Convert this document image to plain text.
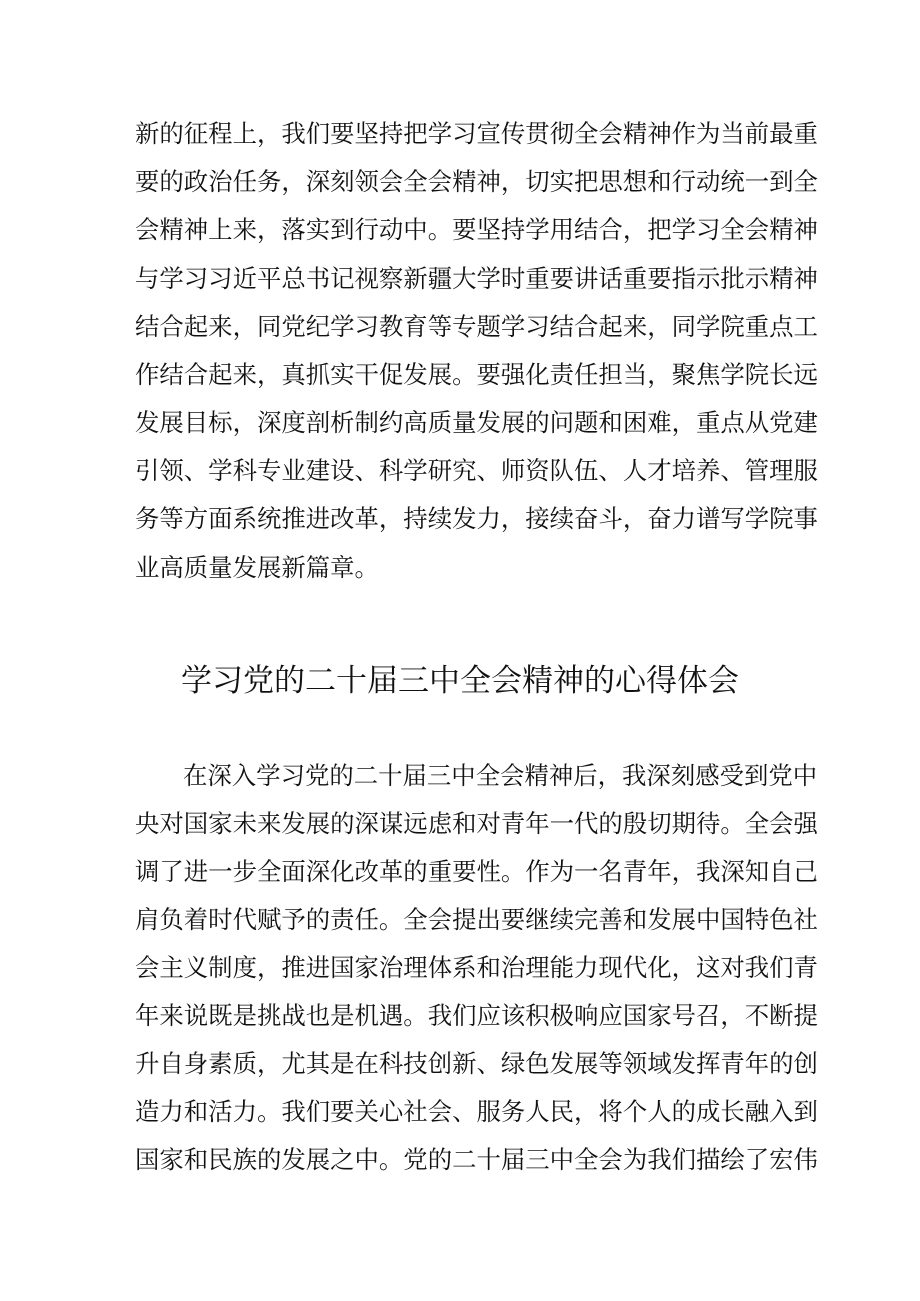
新的征程上，我们要坚持把学习宣传贯彻全会精神作为当前最重
要的政治任务，深刻领会全会精神，切实把思想和行动统一到全
会精神上来，落实到行动中。要坚持学用结合，把学习全会精神
与学习习近平总书记视察新疆大学时重要讲话重要指示批示精神
结合起来，同党纪学习教育等专题学习结合起来，同学院重点工
作结合起来，真抓实干促发展。要强化责任担当，聚焦学院长远
发展目标，深度剖析制约高质量发展的问题和困难，重点从党建
引领、学科专业建设、科学研究、师资队伍、人才培养、管理服
务等方面系统推进改革，持续发力，接续奋斗，奋力谱写学院事
业高质量发展新篇章。
学习党的二十届三中全会精神的心得体会
在深入学习党的二十届三中全会精神后，我深刻感受到党中
央对国家未来发展的深谋远虑和对青年一代的殷切期待。全会强
调了进一步全面深化改革的重要性。作为一名青年，我深知自己
肩负着时代赋予的责任。全会提出要继续完善和发展中国特色社
会主义制度，推进国家治理体系和治理能力现代化，这对我们青
年来说既是挑战也是机遇。我们应该积极响应国家号召，不断提
升自身素质，尤其是在科技创新、绿色发展等领域发挥青年的创
造力和活力。我们要关心社会、服务人民，将个人的成长融入到
国家和民族的发展之中。党的二十届三中全会为我们描绘了宏伟
